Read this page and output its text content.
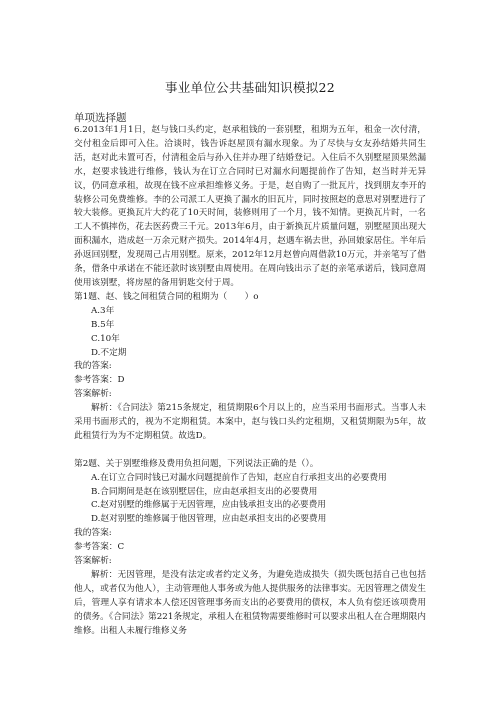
事业单位公共基础知识模拟22
单项选择题

6.2013年1月1日，赵与钱口头约定，赵承租钱的一套别墅，租期为五年，租金一次付清，交付租金后即可入住。洽谈时，钱告诉赵屋顶有漏水现象。为了尽快与女友孙结婚共同生活，赵对此未置可否，付清租金后与孙入住并办理了结婚登记。入住后不久别墅屋顶果然漏水，赵要求钱进行维修，钱认为在订立合同时已对漏水问题提前作了告知，赵当时并无异议，仍同意承租，故现在钱不应承担维修义务。于是，赵自购了一批瓦片，找到朋友李开的装修公司免费维修。李的公司派工人更换了漏水的旧瓦片，同时按照赵的意思对别墅进行了较大装修。更换瓦片大约花了10天时间，装修则用了一个月，钱不知情。更换瓦片时，一名工人不慎摔伤，花去医药费三千元。2013年6月，由于新换瓦片质量问题，别墅屋顶出现大面积漏水，造成赵一万余元财产损失。2014年4月，赵遇车祸去世，孙回娘家居住。半年后孙返回别墅，发现周己占用别墅。原来，2012年12月赵曾向周借款10万元，并亲笔写了借条，借条中承诺在不能还款时该别墅由周使用。在周向钱出示了赵的亲笔承诺后，钱同意周使用该别墅，将房屋的备用钥匙交付于周。

第1题、赵、钱之间租赁合同的租期为（　　）o

A.3年

B.5年

C.10年

D.不定期

我的答案:

参考答案：D

答案解析:

解析：《合同法》第215条规定，租赁期限6个月以上的，应当采用书面形式。当事人未采用书面形式的，视为不定期租赁。本案中，赵与钱口头约定租期，又租赁期限为5年，故此租赁行为为不定期租赁。故选D。

第2题、关于别墅维修及费用负担问题，下列说法正确的是（）。

A.在订立合同时钱已对漏水问题提前作了告知，赵应自行承担支出的必要费用

B.合同期间是赵在该别墅居住，应由赵承担支出的必要费用

C.赵对别墅的维修属于无因管理，应由钱承担支出的必要费用

D.赵对别墅的维修属于他因管理，应由赵承担支出的必要费用

我的答案:

参考答案：C

答案解析:

解析：无因管理，是没有法定或者约定义务，为避免造成损失（损失既包括自己也包括他人，或者仅为他人），主动管理他人事务或为他人提供服务的法律事实。无因管理之债发生后，管理人享有请求本人偿还因管理事务而支出的必要费用的债权，本人负有偿还该项费用的债务。《合同法》第221条规定，承租人在租赁物需要维修时可以要求出租人在合理期限内维修。出租人未履行维修义务
